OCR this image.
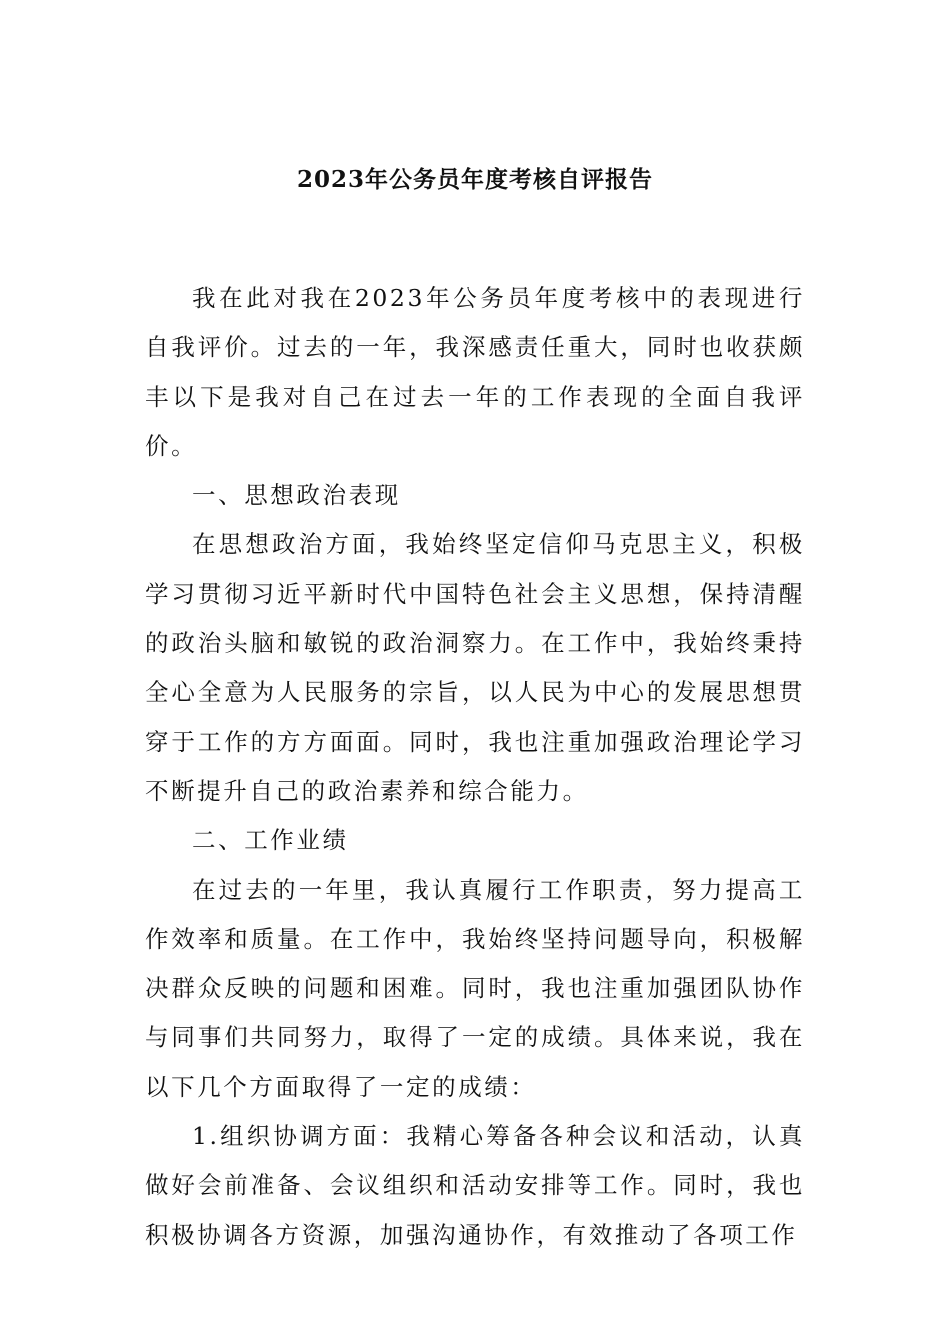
2023年公务员年度考核自评报告

我在此对我在2023年公务员年度考核中的表现进行自我评价。过去的一年，我深感责任重大，同时也收获颇丰以下是我对自己在过去一年的工作表现的全面自我评价。

一、思想政治表现

在思想政治方面，我始终坚定信仰马克思主义，积极学习贯彻习近平新时代中国特色社会主义思想，保持清醒的政治头脑和敏锐的政治洞察力。在工作中，我始终秉持全心全意为人民服务的宗旨，以人民为中心的发展思想贯穿于工作的方方面面。同时，我也注重加强政治理论学习不断提升自己的政治素养和综合能力。

二、工作业绩

在过去的一年里，我认真履行工作职责，努力提高工作效率和质量。在工作中，我始终坚持问题导向，积极解决群众反映的问题和困难。同时，我也注重加强团队协作与同事们共同努力，取得了一定的成绩。具体来说，我在以下几个方面取得了一定的成绩：

1.组织协调方面：我精心筹备各种会议和活动，认真做好会前准备、会议组织和活动安排等工作。同时，我也积极协调各方资源，加强沟通协作，有效推动了各项工作
